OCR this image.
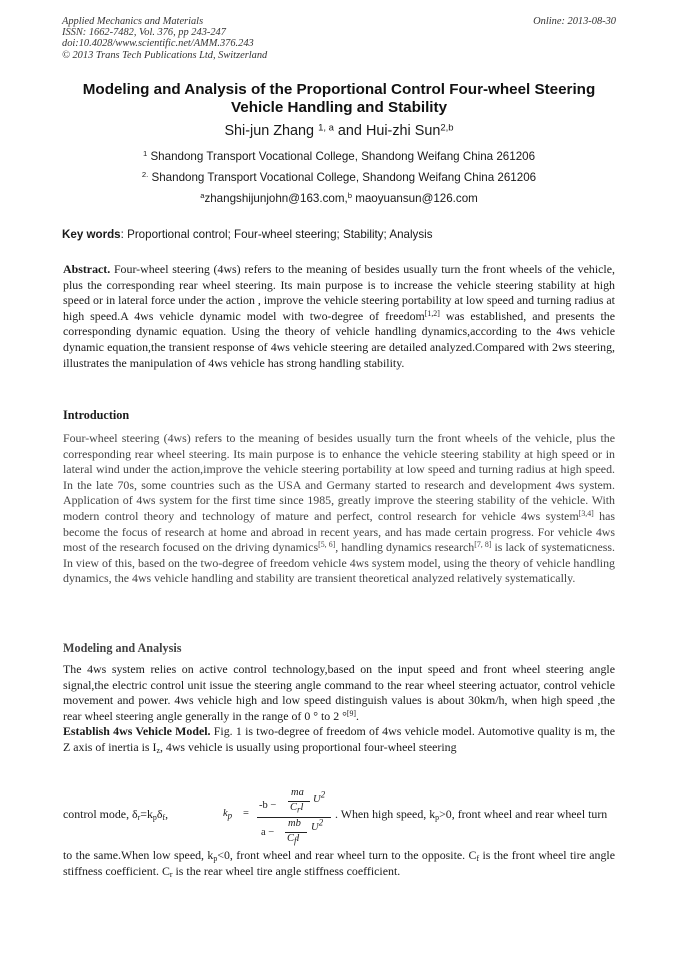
Applied Mechanics and Materials
ISSN: 1662-7482, Vol. 376, pp 243-247
doi:10.4028/www.scientific.net/AMM.376.243
© 2013 Trans Tech Publications Ltd, Switzerland
Online: 2013-08-30
Modeling and Analysis of the Proportional Control Four-wheel Steering Vehicle Handling and Stability
Shi-jun Zhang $^{1, a}$ and Hui-zhi Sun$^{2,b}$
$^1$ Shandong Transport Vocational College, Shandong Weifang China 261206
$^{2.}$ Shandong Transport Vocational College, Shandong Weifang China 261206
$^a$zhangshijunjohn@163.com,$^b$ maoyuansun@126.com
Key words: Proportional control; Four-wheel steering; Stability; Analysis
Abstract. Four-wheel steering (4ws) refers to the meaning of besides usually turn the front wheels of the vehicle, plus the corresponding rear wheel steering. Its main purpose is to increase the vehicle steering stability at high speed or in lateral force under the action , improve the vehicle steering portability at low speed and turning radius at high speed.A 4ws vehicle dynamic model with two-degree of freedom[1,2] was established, and presents the corresponding dynamic equation. Using the theory of vehicle handling dynamics,according to the 4ws vehicle dynamic equation,the transient response of 4ws vehicle steering are detailed analyzed.Compared with 2ws steering, illustrates the manipulation of 4ws vehicle has strong handling stability.
Introduction
Four-wheel steering (4ws) refers to the meaning of besides usually turn the front wheels of the vehicle, plus the corresponding rear wheel steering. Its main purpose is to enhance the vehicle steering stability at high speed or in lateral wind under the action,improve the vehicle steering portability at low speed and turning radius at high speed. In the late 70s, some countries such as the USA and Germany started to research and development 4ws system. Application of 4ws system for the first time since 1985, greatly improve the steering stability of the vehicle. With modern control theory and technology of mature and perfect, control research for vehicle 4ws system[3,4] has become the focus of research at home and abroad in recent years, and has made certain progress. For vehicle 4ws most of the research focused on the driving dynamics[5, 6], handling dynamics research[7, 8] is lack of systematicness. In view of this, based on the two-degree of freedom vehicle 4ws system model, using the theory of vehicle handling dynamics, the 4ws vehicle handling and stability are transient theoretical analyzed relatively systematically.
Modeling and Analysis
The 4ws system relies on active control technology,based on the input speed and front wheel steering angle signal,the electric control unit issue the steering angle command to the rear wheel steering actuator, control vehicle movement and power. 4ws vehicle high and low speed distinguish values is about 30km/h, when high speed ,the rear wheel steering angle generally in the range of 0 ° to 2 °[9].
Establish 4ws Vehicle Model. Fig. 1 is two-degree of freedom of 4ws vehicle model. Automotive quality is m, the Z axis of inertia is $I_z$, 4ws vehicle is usually using proportional four-wheel steering
control mode, $\delta_r=k_p\delta_f$,	$k_p$ =
-b −
ma
$C_rl$
$U^2$
a −
mb
$C_fl$
$U^2$
. When high speed, $k_p>0$, front wheel and rear wheel turn
to the same.When low speed, $k_p<0$, front wheel and rear wheel turn to the opposite. $C_f$ is the front wheel tire angle stiffness coefficient. $C_r$ is the rear wheel tire angle stiffness coefficient.
